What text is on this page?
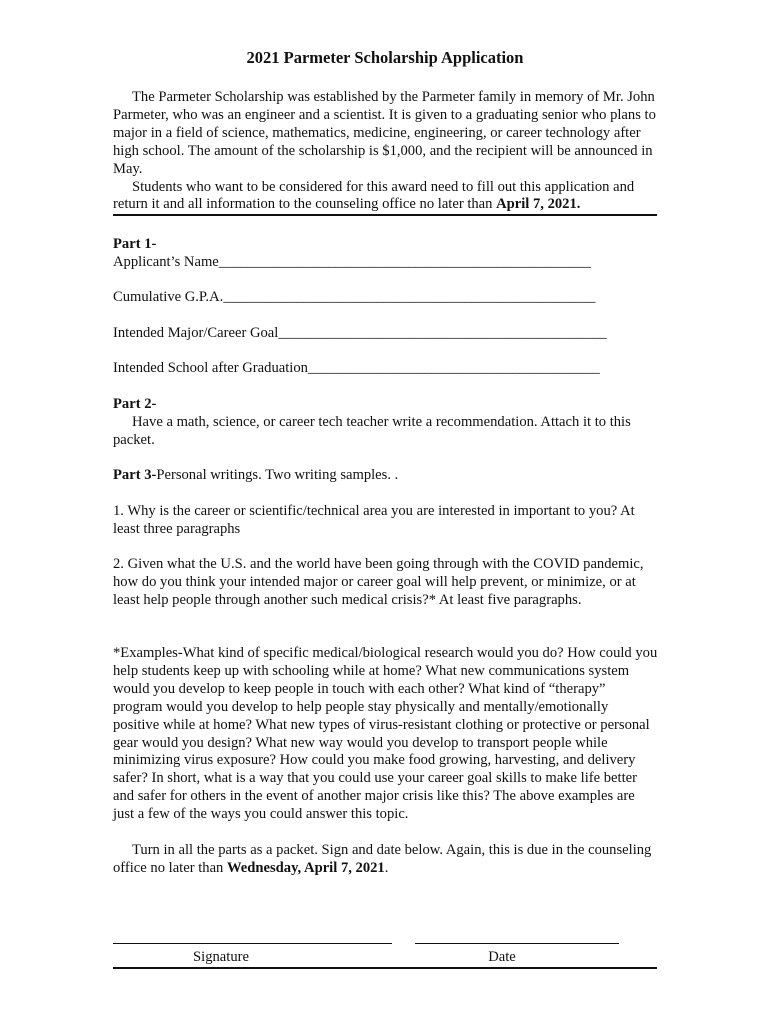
2021 Parmeter Scholarship Application

The Parmeter Scholarship was established by the Parmeter family in memory of Mr. John Parmeter, who was an engineer and a scientist. It is given to a graduating senior who plans to major in a field of science, mathematics, medicine, engineering, or career technology after high school. The amount of the scholarship is $1,000, and the recipient will be announced in May.

Students who want to be considered for this award need to fill out this application and return it and all information to the counseling office no later than April 7, 2021.

Part 1-
Applicant’s Name___________________________________________________
Cumulative G.P.A.___________________________________________________
Intended Major/Career Goal_____________________________________________
Intended School after Graduation________________________________________
Part 2-

Have a math, science, or career tech teacher write a recommendation. Attach it to this packet.

Part 3-Personal writings. Two writing samples. .

1. Why is the career or scientific/technical area you are interested in important to you? At least three paragraphs

2. Given what the U.S. and the world have been going through with the COVID pandemic, how do you think your intended major or career goal will help prevent, or minimize, or at least help people through another such medical crisis?* At least five paragraphs.

*Examples-What kind of specific medical/biological research would you do? How could you help students keep up with schooling while at home? What new communications system would you develop to keep people in touch with each other? What kind of “therapy” program would you develop to help people stay physically and mentally/emotionally positive while at home? What new types of virus-resistant clothing or protective or personal gear would you design? What new way would you develop to transport people while minimizing virus exposure? How could you make food growing, harvesting, and delivery safer? In short, what is a way that you could use your career goal skills to make life better and safer for others in the event of another major crisis like this? The above examples are just a few of the ways you could answer this topic.

Turn in all the parts as a packet. Sign and date below. Again, this is due in the counseling office no later than Wednesday, April 7, 2021.

Signature	Date
